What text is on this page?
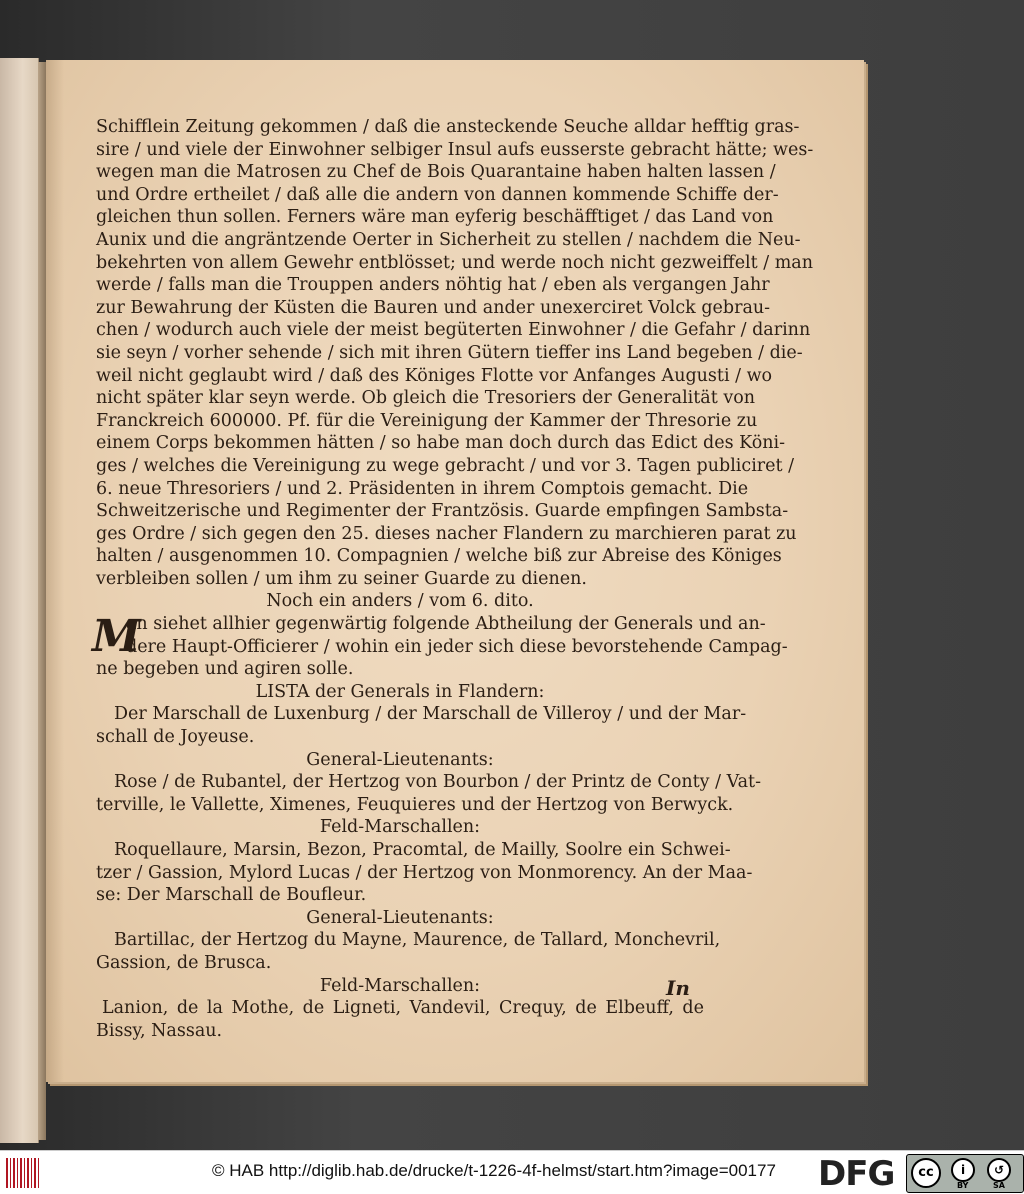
Schifflein Zeitung gekommen / daß die ansteckende Seuche alldar hefftig gras-
sire / und viele der Einwohner selbiger Insul aufs eusserste gebracht hätte; wes-
wegen man die Matrosen zu Chef de Bois Quarantaine haben halten lassen /
und Ordre ertheilet / daß alle die andern von dannen kommende Schiffe der-
gleichen thun sollen. Ferners wäre man eyferig beschäfftiget / das Land von
Aunix und die angräntzende Oerter in Sicherheit zu stellen / nachdem die Neu-
bekehrten von allem Gewehr entblösset; und werde noch nicht gezweiffelt / man
werde / falls man die Trouppen anders nöhtig hat / eben als vergangen Jahr
zur Bewahrung der Küsten die Bauren und ander unexerciret Volck gebrau-
chen / wodurch auch viele der meist begüterten Einwohner / die Gefahr / darinn
sie seyn / vorher sehende / sich mit ihren Gütern tieffer ins Land begeben / die-
weil nicht geglaubt wird / daß des Königes Flotte vor Anfanges Augusti / wo
nicht später klar seyn werde. Ob gleich die Tresoriers der Generalität von
Franckreich 600000. Pf. für die Vereinigung der Kammer der Thresorie zu
einem Corps bekommen hätten / so habe man doch durch das Edict des Köni-
ges / welches die Vereinigung zu wege gebracht / und vor 3. Tagen publiciret /
6. neue Thresoriers / und 2. Präsidenten in ihrem Comptois gemacht. Die
Schweitzerische und Regimenter der Frantzösis. Guarde empfingen Sambsta-
ges Ordre / sich gegen den 25. dieses nacher Flandern zu marchieren parat zu
halten / ausgenommen 10. Compagnien / welche biß zur Abreise des Königes
verbleiben sollen / um ihm zu seiner Guarde zu dienen.
Noch ein anders / vom 6. dito.
M
an siehet allhier gegenwärtig folgende Abtheilung der Generals und an-
dere Haupt-Officierer / wohin ein jeder sich diese bevorstehende Campag-
ne begeben und agiren solle.
LISTA der Generals in Flandern:
Der Marschall de Luxenburg / der Marschall de Villeroy / und der Mar-
schall de Joyeuse.
General-Lieutenants:
Rose / de Rubantel, der Hertzog von Bourbon / der Printz de Conty / Vat-
terville, le Vallette, Ximenes, Feuquieres und der Hertzog von Berwyck.
Feld-Marschallen:
Roquellaure, Marsin, Bezon, Pracomtal, de Mailly, Soolre ein Schwei-
tzer / Gassion, Mylord Lucas / der Hertzog von Monmorency. An der Maa-
se: Der Marschall de Boufleur.
General-Lieutenants:
Bartillac, der Hertzog du Mayne, Maurence, de Tallard, Monchevril,
Gassion, de Brusca.
Feld-Marschallen:
Lanion, de la Mothe, de Ligneti, Vandevil, Crequy, de Elbeuff, de
Bissy, Nassau.
In
© HAB http://diglib.hab.de/drucke/t-1226-4f-helmst/start.htm?image=00177 DFG	cc	i	↺
BY	SA
